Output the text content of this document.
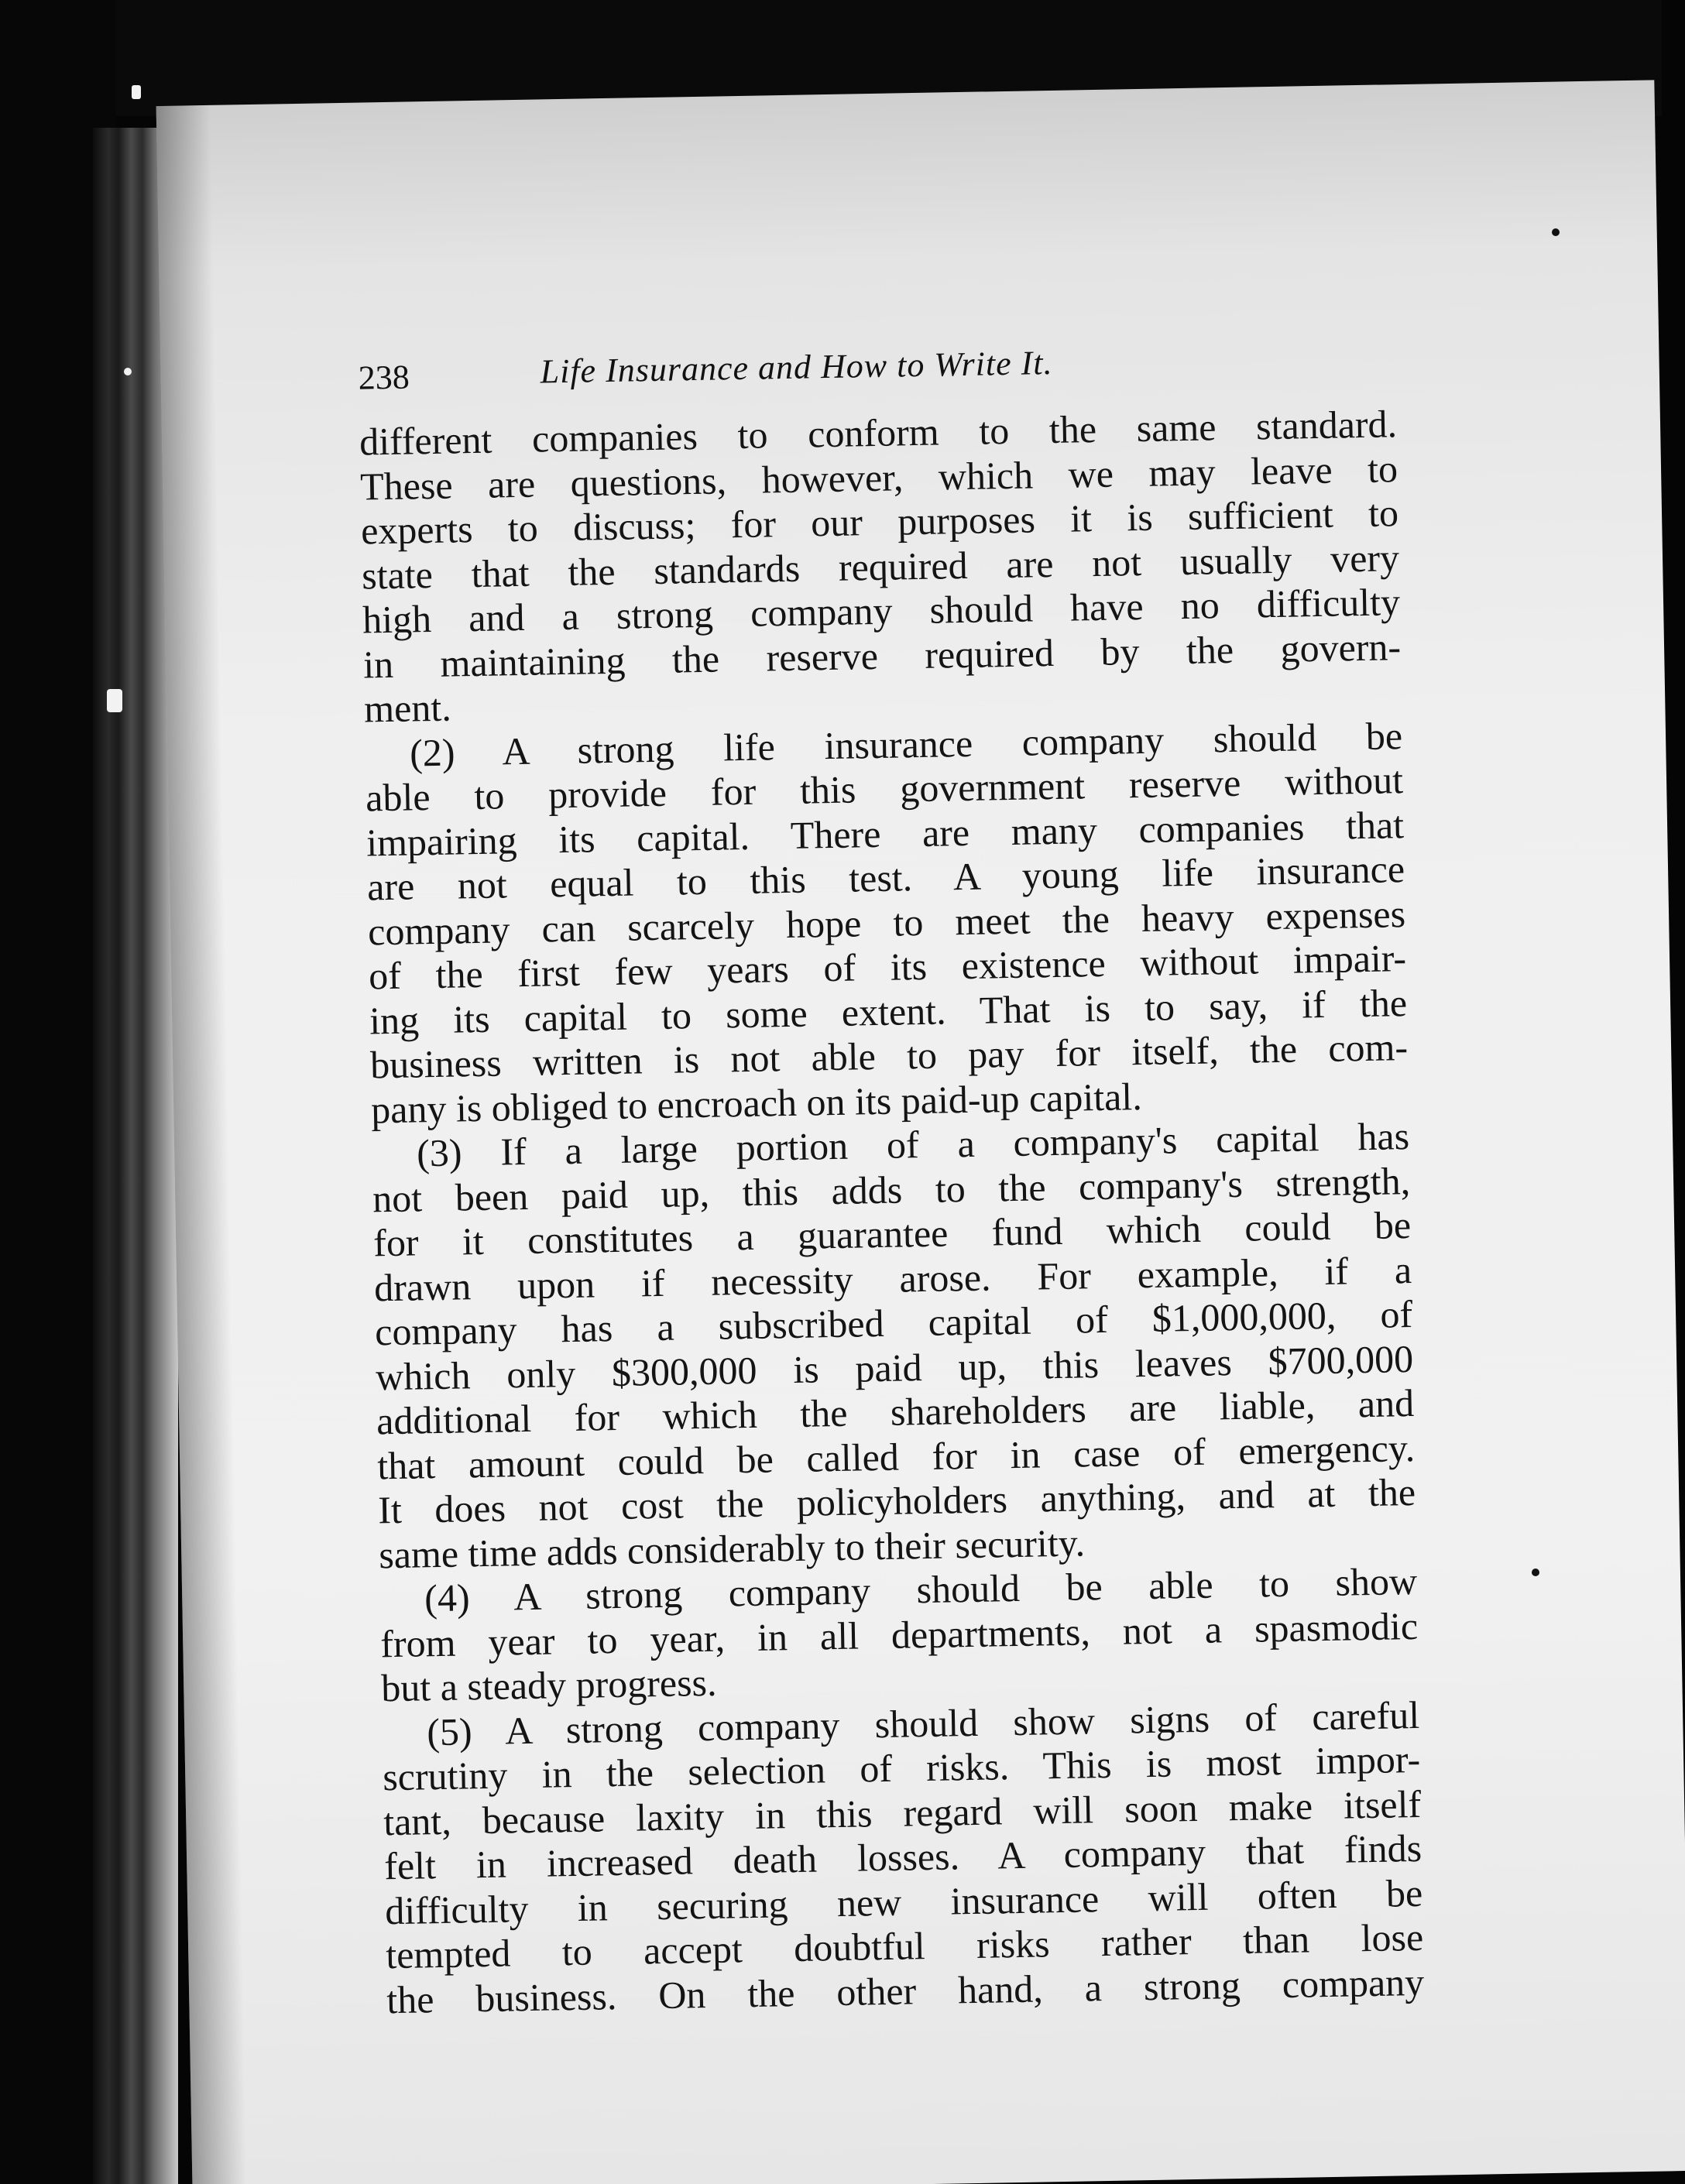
238	Life Insurance and How to Write It.
different companies to conform to the same standard.
These are questions, however, which we may leave to
experts to discuss; for our purposes it is sufficient to
state that the standards required are not usually very
high and a strong company should have no difficulty
in maintaining the reserve required by the govern-
ment.
(2) A strong life insurance company should be
able to provide for this government reserve without
impairing its capital. There are many companies that
are not equal to this test. A young life insurance
company can scarcely hope to meet the heavy expenses
of the first few years of its existence without impair-
ing its capital to some extent. That is to say, if the
business written is not able to pay for itself, the com-
pany is obliged to encroach on its paid-up capital.
(3) If a large portion of a company's capital has
not been paid up, this adds to the company's strength,
for it constitutes a guarantee fund which could be
drawn upon if necessity arose. For example, if a
company has a subscribed capital of $1,000,000, of
which only $300,000 is paid up, this leaves $700,000
additional for which the shareholders are liable, and
that amount could be called for in case of emergency.
It does not cost the policyholders anything, and at the
same time adds considerably to their security.
(4) A strong company should be able to show
from year to year, in all departments, not a spasmodic
but a steady progress.
(5) A strong company should show signs of careful
scrutiny in the selection of risks. This is most impor-
tant, because laxity in this regard will soon make itself
felt in increased death losses. A company that finds
difficulty in securing new insurance will often be
tempted to accept doubtful risks rather than lose
the business. On the other hand, a strong company
